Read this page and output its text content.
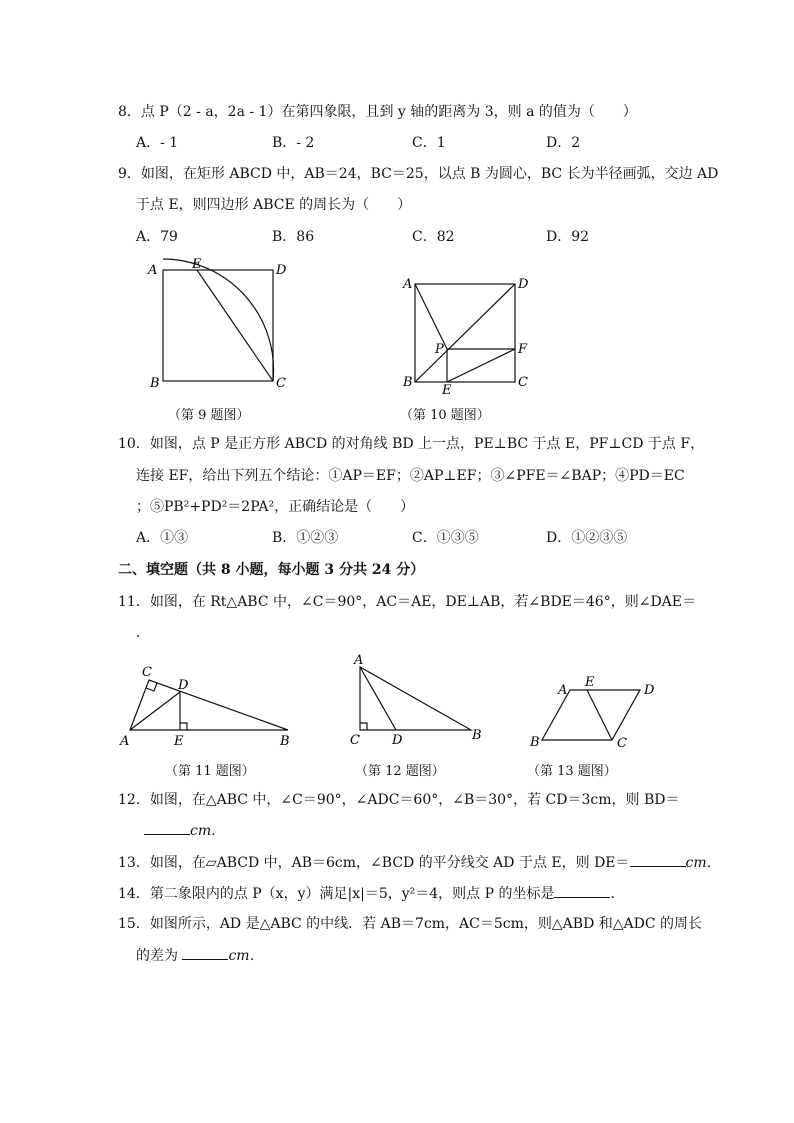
8．点 P（2 - a，2a - 1）在第四象限，且到 y 轴的距离为 3，则 a 的值为（　　）
A．- 1	B．- 2	C．1	D．2
9．如图，在矩形 ABCD 中，AB＝24，BC＝25，以点 B 为圆心，BC 长为半径画弧，交边 AD
于点 E，则四边形 ABCE 的周长为（　　）
A．79	B．86	C．82	D．92
A	E	D
B	C
（第 9 题图）
A	D
P	F
B
E
C
（第 10 题图）
10．如图，点 P 是正方形 ABCD 的对角线 BD 上一点，PE⊥BC 于点 E，PF⊥CD 于点 F，
连接 EF，给出下列五个结论：①AP＝EF；②AP⊥EF；③∠PFE＝∠BAP；④PD＝EC
；⑤PB²+PD²＝2PA²，正确结论是（　　）
A．①③	B．①②③	C．①③⑤	D．①②③⑤
二、填空题（共 8 小题，每小题 3 分共 24 分）
11．如图，在 Rt△ABC 中，∠C＝90°，AC＝AE，DE⊥AB，若∠BDE＝46°，则∠DAE＝
．
C
D
A	E	B
（第 11 题图）
A
C D	B
（第 12 题图）
A
E
D
B	C
（第 13 题图）
12．如图，在△ABC 中，∠C＝90°，∠ADC＝60°，∠B＝30°，若 CD＝3cm，则 BD＝
cm．
13．如图，在▱ABCD 中，AB＝6cm，∠BCD 的平分线交 AD 于点 E，则 DE＝	cm．
14．第二象限内的点 P（x，y）满足|x|＝5，y²＝4，则点 P 的坐标是	．
15．如图所示，AD 是△ABC 的中线．若 AB＝7cm，AC＝5cm，则△ABD 和△ADC 的周长
的差为	cm．
